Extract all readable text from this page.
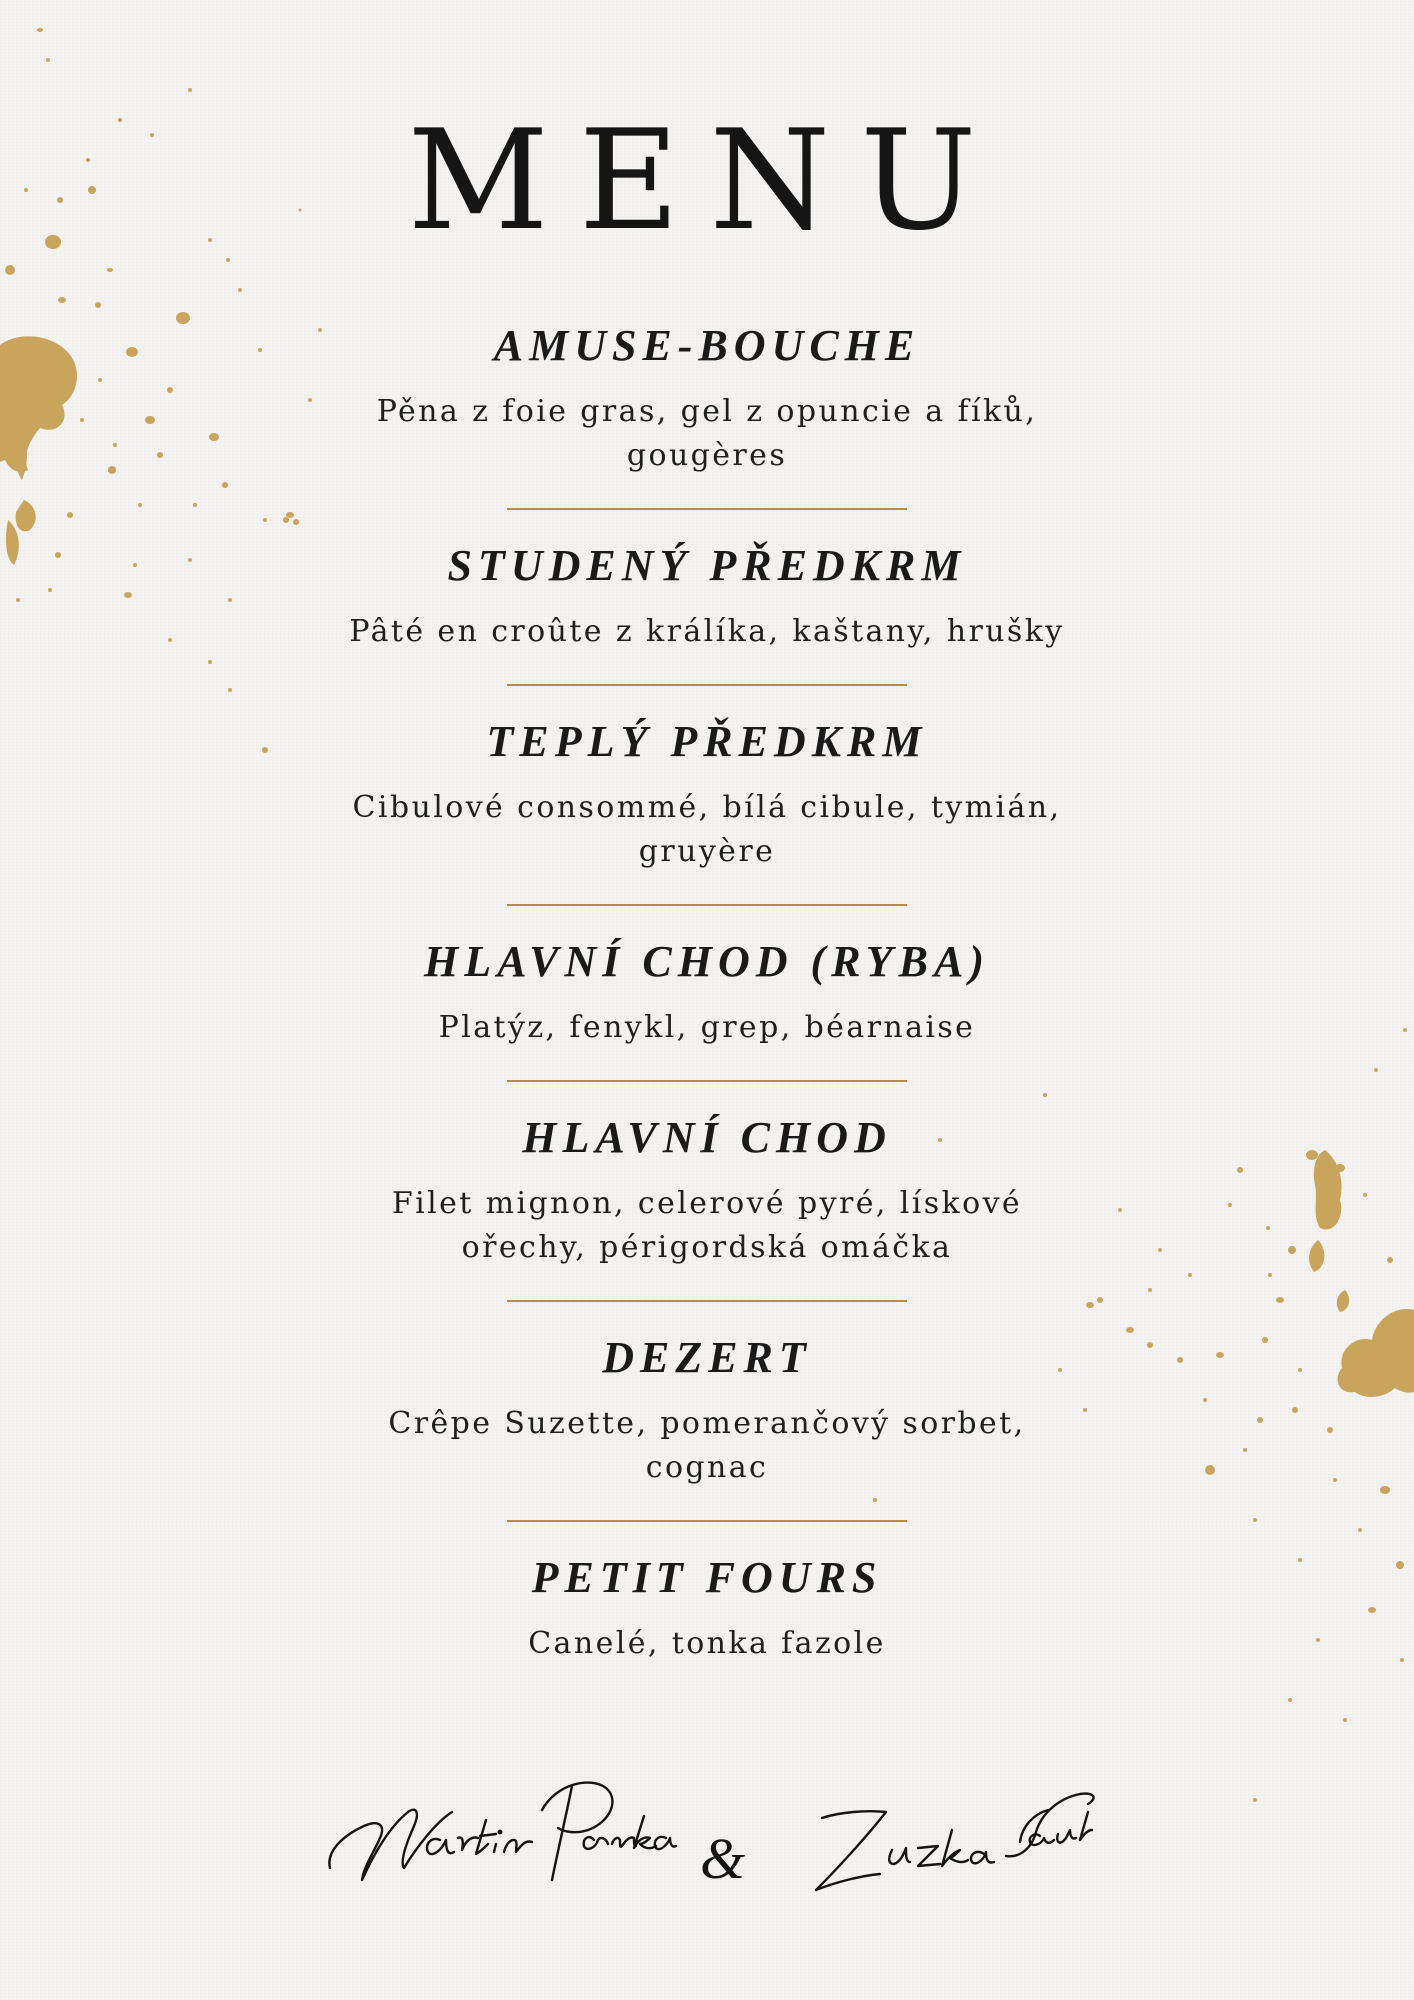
MENU
AMUSE-BOUCHE

Pěna z foie gras, gel z opuncie a fíků,
gougères

STUDENÝ PŘEDKRM

Pâté en croûte z králíka, kaštany, hrušky

TEPLÝ PŘEDKRM

Cibulové consommé, bílá cibule, tymián,
gruyère

HLAVNÍ CHOD (RYBA)

Platýz, fenykl, grep, béarnaise

HLAVNÍ CHOD

Filet mignon, celerové pyré, lískové
ořechy, périgordská omáčka

DEZERT

Crêpe Suzette, pomerančový sorbet,
cognac

PETIT FOURS

Canelé, tonka fazole

&
